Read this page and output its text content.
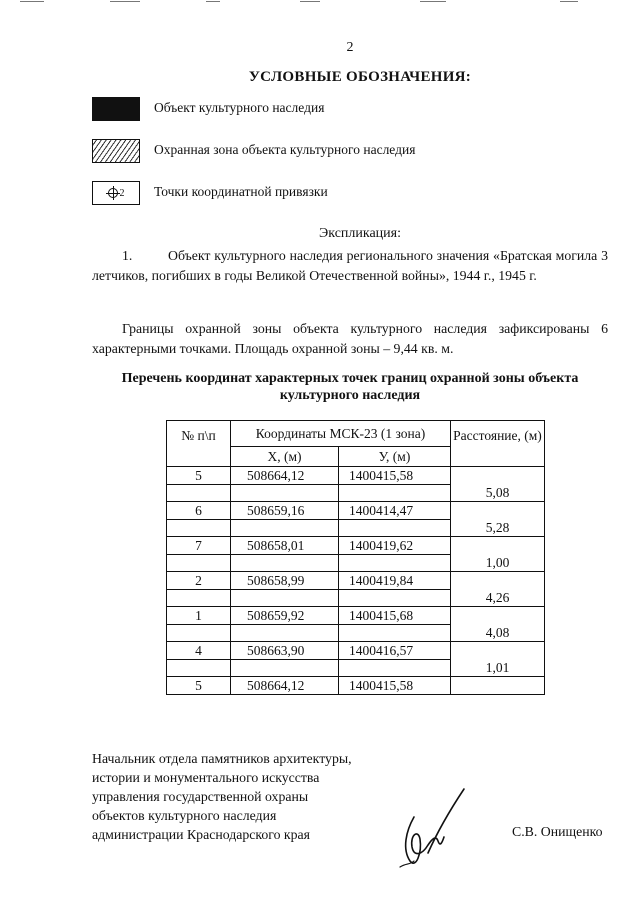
2
УСЛОВНЫЕ ОБОЗНАЧЕНИЯ:
Объект культурного наследия
Охранная зона объекта культурного наследия
2 Точки координатной привязки
Экспликация:
1.	Объект культурного наследия регионального значения «Братская могила 3 летчиков, погибших в годы Великой Отечественной войны», 1944 г., 1945 г.
Границы охранной зоны объекта культурного наследия зафиксированы 6 характерными точками. Площадь охранной зоны – 9,44 кв. м.
Перечень координат характерных точек границ охранной зоны объекта культурного наследия
№ п\п	Координаты МСК-23 (1 зона)		Расстояние, (м)
	X, (м)	У, (м)	
5	508664,12	1400415,58	
			5,08
6	508659,16	1400414,47	
			5,28
7	508658,01	1400419,62	
			1,00
2	508658,99	1400419,84	
			4,26
1	508659,92	1400415,68	
			4,08
4	508663,90	1400416,57	
			1,01
5	508664,12	1400415,58	
Начальник отдела памятников архитектуры,
истории и монументального искусства
управления государственной охраны
объектов культурного наследия
администрации Краснодарского края	С.В. Онищенко
